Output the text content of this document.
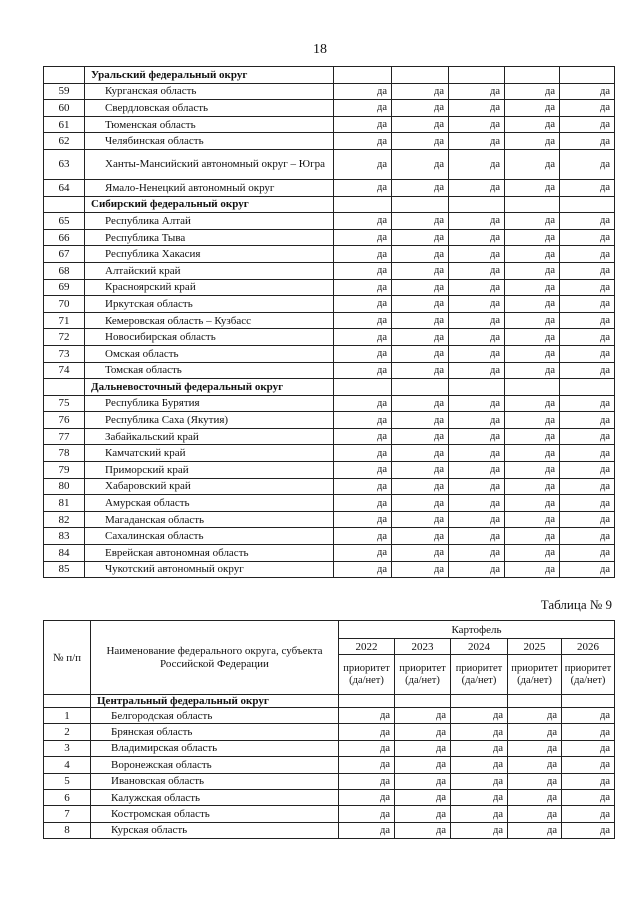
18
	Уральский федеральный округ					
59	Курганская область	да	да	да	да	да
60	Свердловская область	да	да	да	да	да
61	Тюменская область	да	да	да	да	да
62	Челябинская область	да	да	да	да	да
63	Ханты-Мансийский автономный округ – Югра	да	да	да	да	да
64	Ямало-Ненецкий автономный округ	да	да	да	да	да
	Сибирский федеральный округ					
65	Республика Алтай	да	да	да	да	да
66	Республика Тыва	да	да	да	да	да
67	Республика Хакасия	да	да	да	да	да
68	Алтайский край	да	да	да	да	да
69	Красноярский край	да	да	да	да	да
70	Иркутская область	да	да	да	да	да
71	Кемеровская область – Кузбасс	да	да	да	да	да
72	Новосибирская область	да	да	да	да	да
73	Омская область	да	да	да	да	да
74	Томская область	да	да	да	да	да
	Дальневосточный федеральный округ					
75	Республика Бурятия	да	да	да	да	да
76	Республика Саха (Якутия)	да	да	да	да	да
77	Забайкальский край	да	да	да	да	да
78	Камчатский край	да	да	да	да	да
79	Приморский край	да	да	да	да	да
80	Хабаровский край	да	да	да	да	да
81	Амурская область	да	да	да	да	да
82	Магаданская область	да	да	да	да	да
83	Сахалинская область	да	да	да	да	да
84	Еврейская автономная область	да	да	да	да	да
85	Чукотский автономный округ	да	да	да	да	да
Таблица № 9
№ п/п	Наименование федерального округа, субъекта Российской Федерации	Картофель				
		2022	2023	2024	2025	2026
		приоритет (да/нет)	приоритет (да/нет)	приоритет (да/нет)	приоритет (да/нет)	приоритет (да/нет)
	Центральный федеральный округ					
1	Белгородская область	да	да	да	да	да
2	Брянская область	да	да	да	да	да
3	Владимирская область	да	да	да	да	да
4	Воронежская область	да	да	да	да	да
5	Ивановская область	да	да	да	да	да
6	Калужская область	да	да	да	да	да
7	Костромская область	да	да	да	да	да
8	Курская область	да	да	да	да	да
